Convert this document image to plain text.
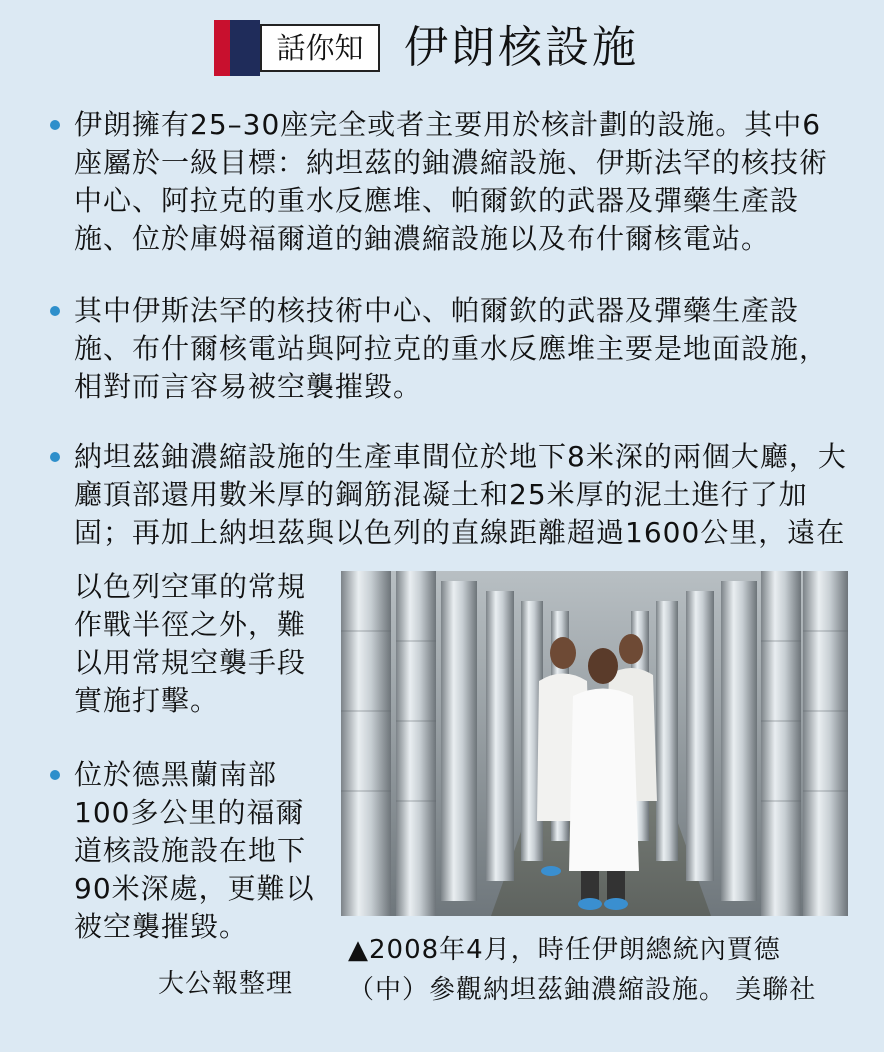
話你知 伊朗核設施
伊朗擁有25–30座完全或者主要用於核計劃的設施。其中6座屬於一級目標：納坦茲的鈾濃縮設施、伊斯法罕的核技術中心、阿拉克的重水反應堆、帕爾欽的武器及彈藥生產設施、位於庫姆福爾道的鈾濃縮設施以及布什爾核電站。
其中伊斯法罕的核技術中心、帕爾欽的武器及彈藥生產設施、布什爾核電站與阿拉克的重水反應堆主要是地面設施，相對而言容易被空襲摧毀。
納坦茲鈾濃縮設施的生產車間位於地下8米深的兩個大廳，大廳頂部還用數米厚的鋼筋混凝土和25米厚的泥土進行了加固；再加上納坦茲與以色列的直線距離超過1600公里，遠在
以色列空軍的常規作戰半徑之外，難以用常規空襲手段實施打擊。
位於德黑蘭南部100多公里的福爾道核設施設在地下90米深處，更難以被空襲摧毀。
大公報整理
▲2008年4月，時任伊朗總統內賈德
（中）參觀納坦茲鈾濃縮設施。 美聯社
